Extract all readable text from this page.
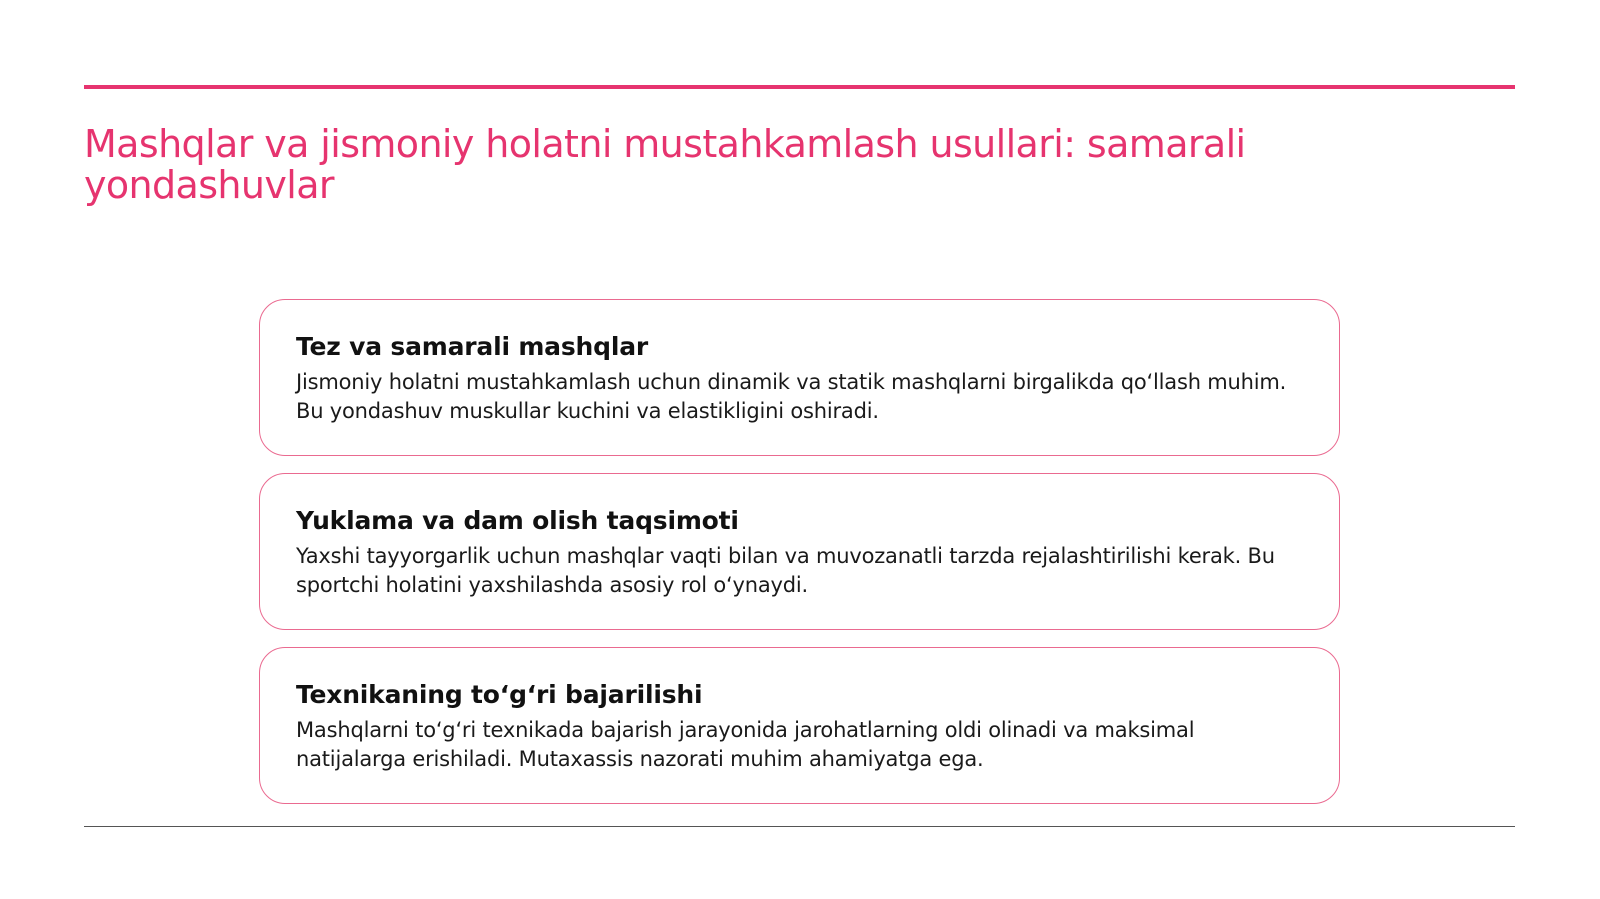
Mashqlar va jismoniy holatni mustahkamlash usullari: samarali yondashuvlar
Tez va samarali mashqlar

Jismoniy holatni mustahkamlash uchun dinamik va statik mashqlarni birgalikda qo‘llash muhim. Bu yondashuv muskullar kuchini va elastikligini oshiradi.

Yuklama va dam olish taqsimoti

Yaxshi tayyorgarlik uchun mashqlar vaqti bilan va muvozanatli tarzda rejalashtirilishi kerak. Bu sportchi holatini yaxshilashda asosiy rol o‘ynaydi.

Texnikaning to‘g‘ri bajarilishi

Mashqlarni to‘g‘ri texnikada bajarish jarayonida jarohatlarning oldi olinadi va maksimal natijalarga erishiladi. Mutaxassis nazorati muhim ahamiyatga ega.
